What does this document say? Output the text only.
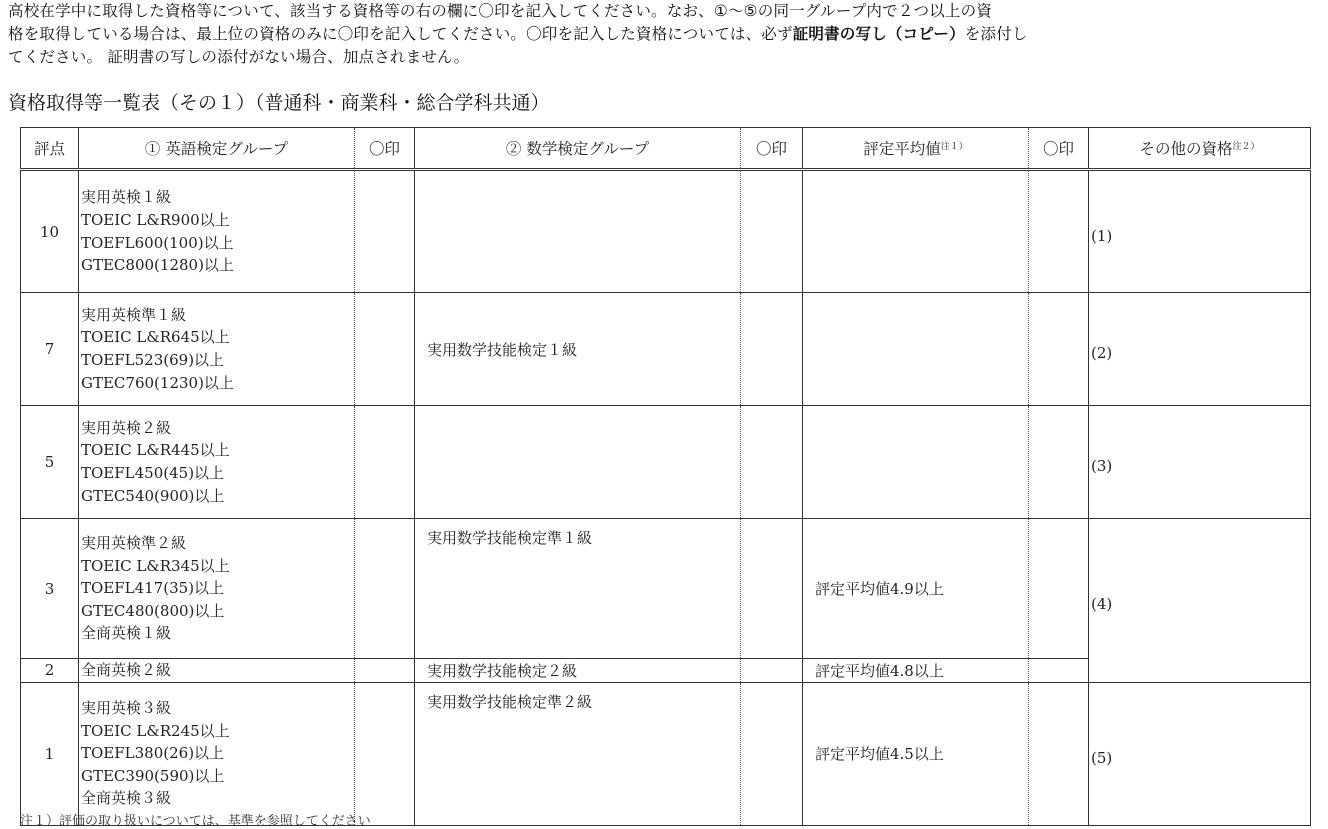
高校在学中に取得した資格等について、該当する資格等の右の欄に〇印を記入してください。なお、①～⑤の同一グループ内で２つ以上の資
格を取得している場合は、最上位の資格のみに〇印を記入してください。〇印を記入した資格については、必ず証明書の写し（コピー）を添付し
てください。 証明書の写しの添付がない場合、加点されません。
資格取得等一覧表（その１）（普通科・商業科・総合学科共通）
評点	① 英語検定グループ	〇印	② 数学検定グループ	〇印	評定平均値$^{注1)}$	〇印	その他の資格$^{注2)}$
10	実用英検１級
TOEIC L&R900以上
TOEFL600(100)以上
GTEC800(1280)以上						(1)
7	実用英検準１級
TOEIC L&R645以上
TOEFL523(69)以上
GTEC760(1230)以上		実用数学技能検定１級				(2)
5	実用英検２級
TOEIC L&R445以上
TOEFL450(45)以上
GTEC540(900)以上						(3)
3	実用英検準２級
TOEIC L&R345以上
TOEFL417(35)以上
GTEC480(800)以上
全商英検１級		実用数学技能検定準１級		評定平均値4.9以上		(4)
2	全商英検２級		実用数学技能検定２級		評定平均値4.8以上		
1	実用英検３級
TOEIC L&R245以上
TOEFL380(26)以上
GTEC390(590)以上
全商英検３級		実用数学技能検定準２級		評定平均値4.5以上		(5)
注１）評価の取り扱いについては、基準を参照してください
